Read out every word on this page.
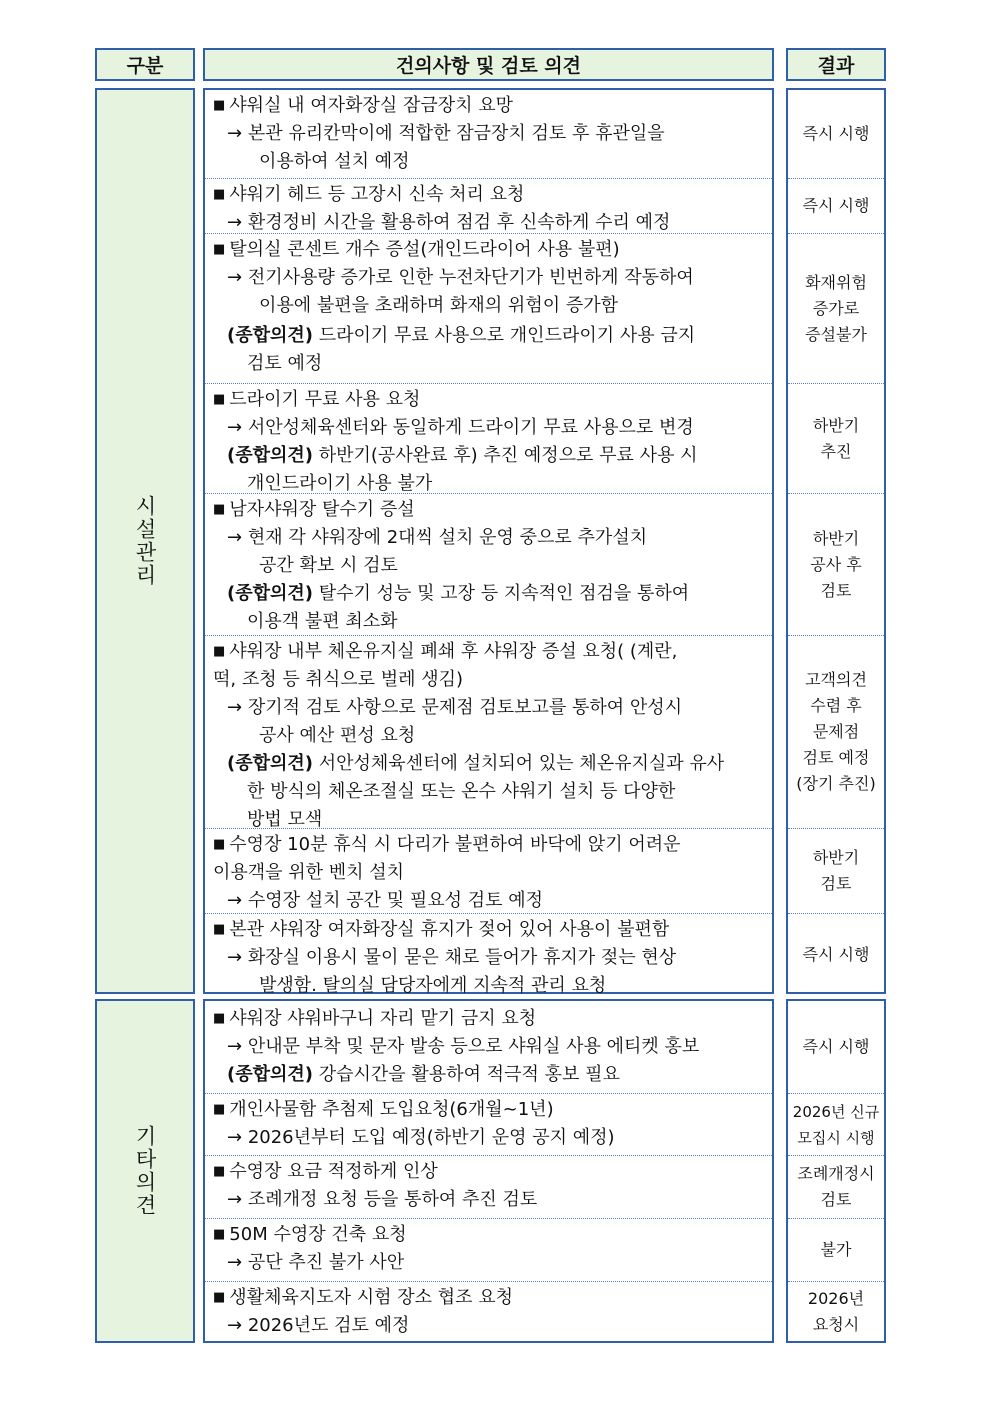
구분	건의사항 및 검토 의견	결과
시설관리
기타의견
■ 샤워실 내 여자화장실 잠금장치 요망
→ 본관 유리칸막이에 적합한 잠금장치 검토 후 휴관일을
이용하여 설치 예정
■ 샤워기 헤드 등 고장시 신속 처리 요청
→ 환경정비 시간을 활용하여 점검 후 신속하게 수리 예정
■ 탈의실 콘센트 개수 증설(개인드라이어 사용 불편)
→ 전기사용량 증가로 인한 누전차단기가 빈번하게 작동하여
이용에 불편을 초래하며 화재의 위험이 증가함
(종합의견) 드라이기 무료 사용으로 개인드라이기 사용 금지
검토 예정
■ 드라이기 무료 사용 요청
→ 서안성체육센터와 동일하게 드라이기 무료 사용으로 변경
(종합의견) 하반기(공사완료 후) 추진 예정으로 무료 사용 시
개인드라이기 사용 불가
■ 남자샤워장 탈수기 증설
→ 현재 각 샤워장에 2대씩 설치 운영 중으로 추가설치
공간 확보 시 검토
(종합의견) 탈수기 성능 및 고장 등 지속적인 점검을 통하여
이용객 불편 최소화
■ 샤워장 내부 체온유지실 폐쇄 후 샤워장 증설 요청( (계란,
떡, 조청 등 취식으로 벌레 생김)
→ 장기적 검토 사항으로 문제점 검토보고를 통하여 안성시
공사 예산 편성 요청
(종합의견) 서안성체육센터에 설치되어 있는 체온유지실과 유사
한 방식의 체온조절실 또는 온수 샤워기 설치 등 다양한
방법 모색
■ 수영장 10분 휴식 시 다리가 불편하여 바닥에 앉기 어려운
이용객을 위한 벤치 설치
→ 수영장 설치 공간 및 필요성 검토 예정
■ 본관 샤워장 여자화장실 휴지가 젖어 있어 사용이 불편함
→ 화장실 이용시 물이 묻은 채로 들어가 휴지가 젖는 현상
발생함. 탈의실 담당자에게 지속적 관리 요청
즉시 시행
즉시 시행
화재위험
증가로
증설불가
하반기
추진
하반기
공사 후
검토
고객의견
수렴 후
문제점
검토 예정
(장기 추진)
하반기
검토
즉시 시행
■ 샤워장 샤워바구니 자리 맡기 금지 요청
→ 안내문 부착 및 문자 발송 등으로 샤워실 사용 에티켓 홍보
(종합의견) 강습시간을 활용하여 적극적 홍보 필요
■ 개인사물함 추첨제 도입요청(6개월~1년)
→ 2026년부터 도입 예정(하반기 운영 공지 예정)
■ 수영장 요금 적정하게 인상
→ 조례개정 요청 등을 통하여 추진 검토
■ 50M 수영장 건축 요청
→ 공단 추진 불가 사안
■ 생활체육지도자 시험 장소 협조 요청
→ 2026년도 검토 예정
즉시 시행
2026년 신규
모집시 시행
조례개정시
검토
불가
2026년
요청시
